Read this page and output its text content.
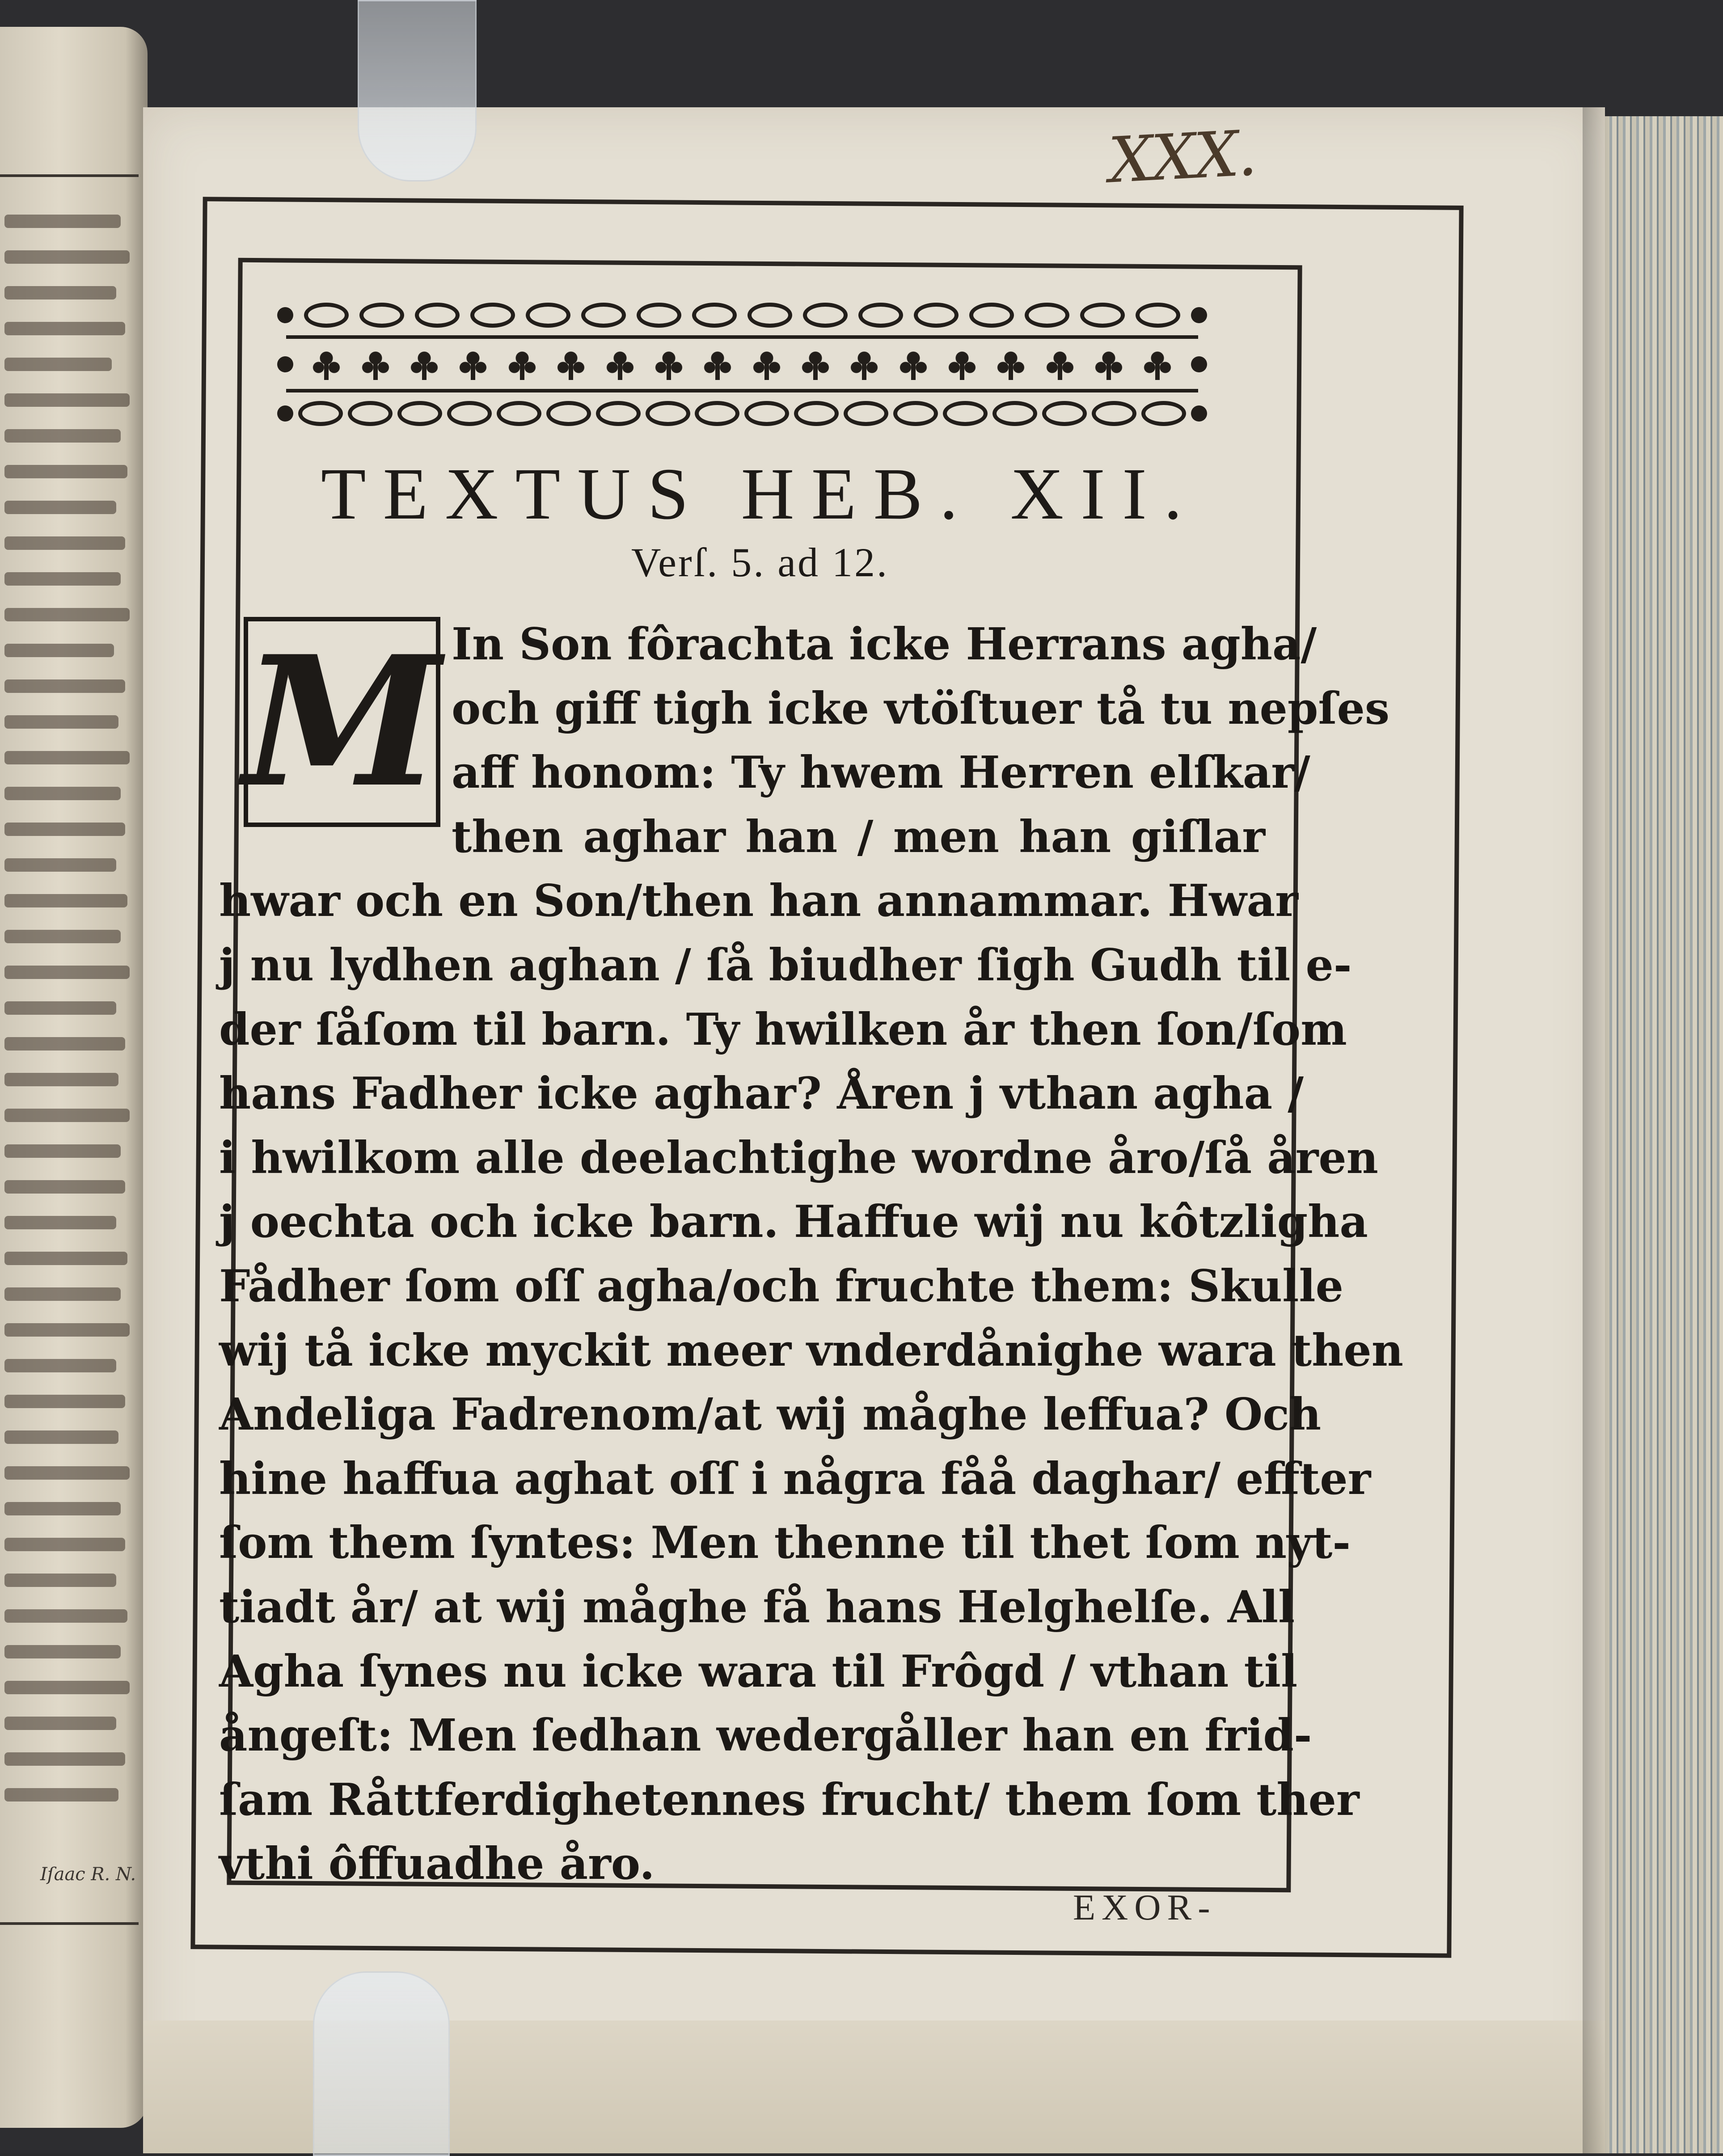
Iſaac R. N.
XXX.
TEXTUS HEB. XII.
Verſ. 5. ad 12.
M In Son fôrachta icke Herrans agha/
och giff tigh icke vtöſtuer tå tu nepſes
aff honom: Ty hwem Herren elſkar/
then aghar han / men han giſlar
hwar och en Son/then han annammar. Hwar
j nu lydhen aghan / ſå biudher ſigh Gudh til e-
der ſåſom til barn. Ty hwilken år then ſon/ſom
hans Fadher icke aghar? Åren j vthan agha /
i hwilkom alle deelachtighe wordne åro/ſå åren
j oechta och icke barn. Haffue wij nu kôtzligha
Fådher ſom oſſ agha/och fruchte them: Skulle
wij tå icke myckit meer vnderdånighe wara then
Andeliga Fadrenom/at wij måghe leffua? Och
hine haffua aghat oſſ i några fåå daghar/ effter
ſom them ſyntes: Men thenne til thet ſom nyt-
tiadt år/ at wij måghe få hans Helghelſe. All
Agha ſynes nu icke wara til Frôgd / vthan til
ångeſt: Men ſedhan wedergåller han en frid-
ſam Råttferdighetennes frucht/ them ſom ther
vthi ôffuadhe åro.
EXOR-
